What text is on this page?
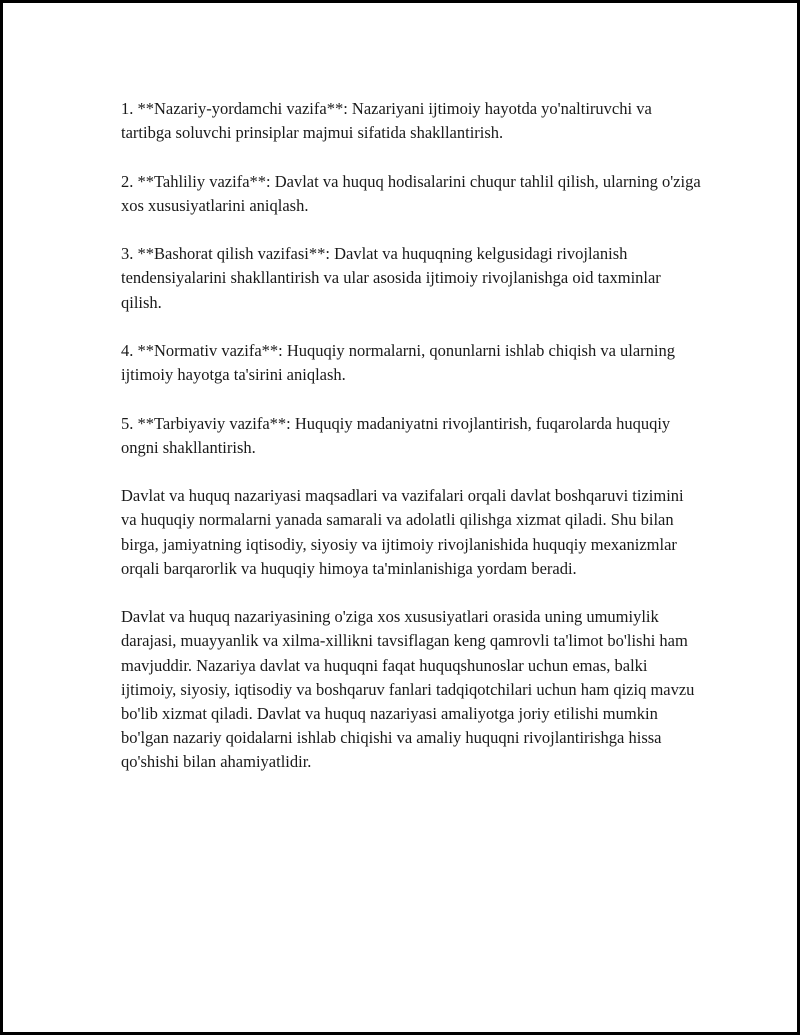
1. **Nazariy-yordamchi vazifa**: Nazariyani ijtimoiy hayotda yo'naltiruvchi va tartibga soluvchi prinsiplar majmui sifatida shakllantirish.

2. **Tahliliy vazifa**: Davlat va huquq hodisalarini chuqur tahlil qilish, ularning o'ziga xos xususiyatlarini aniqlash.

3. **Bashorat qilish vazifasi**: Davlat va huquqning kelgusidagi rivojlanish tendensiyalarini shakllantirish va ular asosida ijtimoiy rivojlanishga oid taxminlar qilish.

4. **Normativ vazifa**: Huquqiy normalarni, qonunlarni ishlab chiqish va ularning ijtimoiy hayotga ta'sirini aniqlash.

5. **Tarbiyaviy vazifa**: Huquqiy madaniyatni rivojlantirish, fuqarolarda huquqiy ongni shakllantirish.

Davlat va huquq nazariyasi maqsadlari va vazifalari orqali davlat boshqaruvi tizimini va huquqiy normalarni yanada samarali va adolatli qilishga xizmat qiladi. Shu bilan birga, jamiyatning iqtisodiy, siyosiy va ijtimoiy rivojlanishida huquqiy mexanizmlar orqali barqarorlik va huquqiy himoya ta'minlanishiga yordam beradi.

Davlat va huquq nazariyasining o'ziga xos xususiyatlari orasida uning umumiylik darajasi, muayyanlik va xilma-xillikni tavsiflagan keng qamrovli ta'limot bo'lishi ham mavjuddir. Nazariya davlat va huquqni faqat huquqshunoslar uchun emas, balki ijtimoiy, siyosiy, iqtisodiy va boshqaruv fanlari tadqiqotchilari uchun ham qiziq mavzu bo'lib xizmat qiladi. Davlat va huquq nazariyasi amaliyotga joriy etilishi mumkin bo'lgan nazariy qoidalarni ishlab chiqishi va amaliy huquqni rivojlantirishga hissa qo'shishi bilan ahamiyatlidir.
